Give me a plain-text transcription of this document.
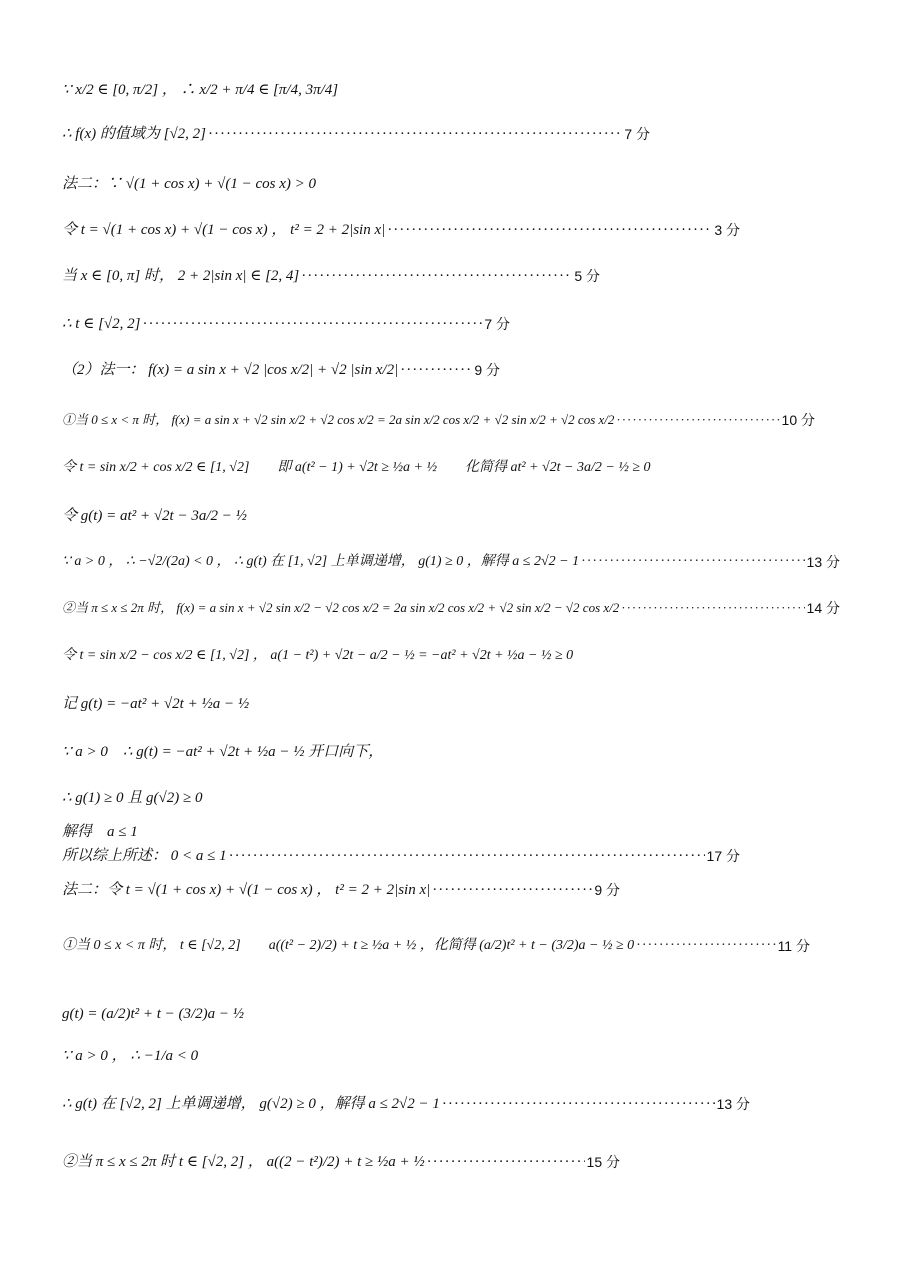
∵ x/2 ∈ [0, π/2] ， ∴ x/2 + π/4 ∈ [π/4, 3π/4]
∴ f(x) 的值域为 [√2, 2] ·····	7 分
法二：∵ √(1 + cos x) + √(1 − cos x) > 0
令 t = √(1 + cos x) + √(1 − cos x) ， t² = 2 + 2|sin x| ·····	3 分
当 x ∈ [0, π] 时， 2 + 2|sin x| ∈ [2, 4] ·····	5 分
∴ t ∈ [√2, 2] ·····	7 分
（2）法一： f(x) = a sin x + √2 |cos x/2| + √2 |sin x/2| ·····	9 分
①当 0 ≤ x < π 时， f(x) = a sin x + √2 sin x/2 + √2 cos x/2 = 2a sin x/2 cos x/2 + √2 sin x/2 + √2 cos x/2 ·····	10 分
令 t = sin x/2 + cos x/2 ∈ [1, √2]　　即 a(t² − 1) + √2t ≥ ½a + ½　　化简得 at² + √2t − 3a/2 − ½ ≥ 0
令 g(t) = at² + √2t − 3a/2 − ½
∵ a > 0 ， ∴ −√2/(2a) < 0 ， ∴ g(t) 在 [1, √2] 上单调递增， g(1) ≥ 0 ，解得 a ≤ 2√2 − 1 ·····	13 分
②当 π ≤ x ≤ 2π 时， f(x) = a sin x + √2 sin x/2 − √2 cos x/2 = 2a sin x/2 cos x/2 + √2 sin x/2 − √2 cos x/2 ·····	14 分
令 t = sin x/2 − cos x/2 ∈ [1, √2] ， a(1 − t²) + √2t − a/2 − ½ = −at² + √2t + ½a − ½ ≥ 0
记 g(t) = −at² + √2t + ½a − ½
∵ a > 0　∴ g(t) = −at² + √2t + ½a − ½ 开口向下，
∴ g(1) ≥ 0 且 g(√2) ≥ 0
解得　a ≤ 1
所以综上所述： 0 < a ≤ 1 ·····	17 分
法二：令 t = √(1 + cos x) + √(1 − cos x) ， t² = 2 + 2|sin x| ·····	9 分
①当 0 ≤ x < π 时， t ∈ [√2, 2]　　a((t² − 2)/2) + t ≥ ½a + ½ ，化简得 (a/2)t² + t − (3/2)a − ½ ≥ 0 ·····	11 分
g(t) = (a/2)t² + t − (3/2)a − ½
∵ a > 0 ， ∴ −1/a < 0
∴ g(t) 在 [√2, 2] 上单调递增， g(√2) ≥ 0 ，解得 a ≤ 2√2 − 1 ·····	13 分
②当 π ≤ x ≤ 2π 时 t ∈ [√2, 2] ， a((2 − t²)/2) + t ≥ ½a + ½ ·····	15 分
